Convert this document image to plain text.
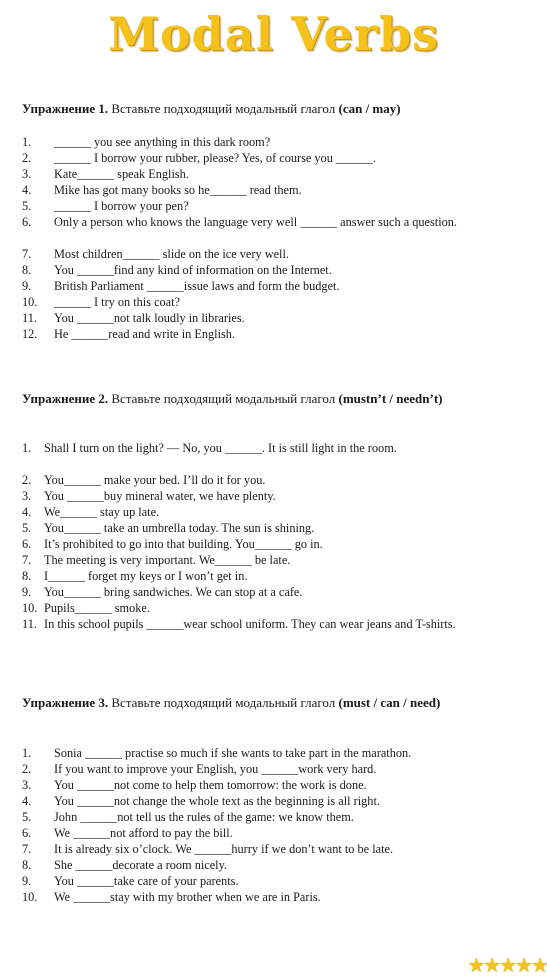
Modal Verbs
Упражнение 1. Вставьте подходящий модальный глагол (can / may)
1. ______ you see anything in this dark room?
2. ______ I borrow your rubber, please? Yes, of course you ______.
3. Kate______ speak English.
4. Mike has got many books so he______ read them.
5. ______ I borrow your pen?
6. Only a person who knows the language very well ______ answer such a question.
7. Most children______ slide on the ice very well.
8. You ______find any kind of information on the Internet.
9. British Parliament ______issue laws and form the budget.
10. ______ I try on this coat?
11. You ______not talk loudly in libraries.
12. He ______read and write in English.
Упражнение 2. Вставьте подходящий модальный глагол (mustn’t / needn’t)
1. Shall I turn on the light? — No, you ______. It is still light in the room.
2. You______ make your bed. I’ll do it for you.
3. You ______buy mineral water, we have plenty.
4. We______ stay up late.
5. You______ take an umbrella today. The sun is shining.
6. It’s prohibited to go into that building. You______ go in.
7. The meeting is very important. We______ be late.
8. I______ forget my keys or I won’t get in.
9. You______ bring sandwiches. We can stop at a cafe.
10. Pupils______ smoke.
11. In this school pupils ______wear school uniform. They can wear jeans and T-shirts.
Упражнение 3. Вставьте подходящий модальный глагол (must / can / need)
1. Sonia ______ practise so much if she wants to take part in the marathon.
2. If you want to improve your English, you ______work very hard.
3. You ______not come to help them tomorrow: the work is done.
4. You ______not change the whole text as the beginning is all right.
5. John ______not tell us the rules of the game: we know them.
6. We ______not afford to pay the bill.
7. It is already six o’clock. We ______hurry if we don’t want to be late.
8. She ______decorate a room nicely.
9. You ______take care of your parents.
10. We ______stay with my brother when we are in Paris.
★★★★★
